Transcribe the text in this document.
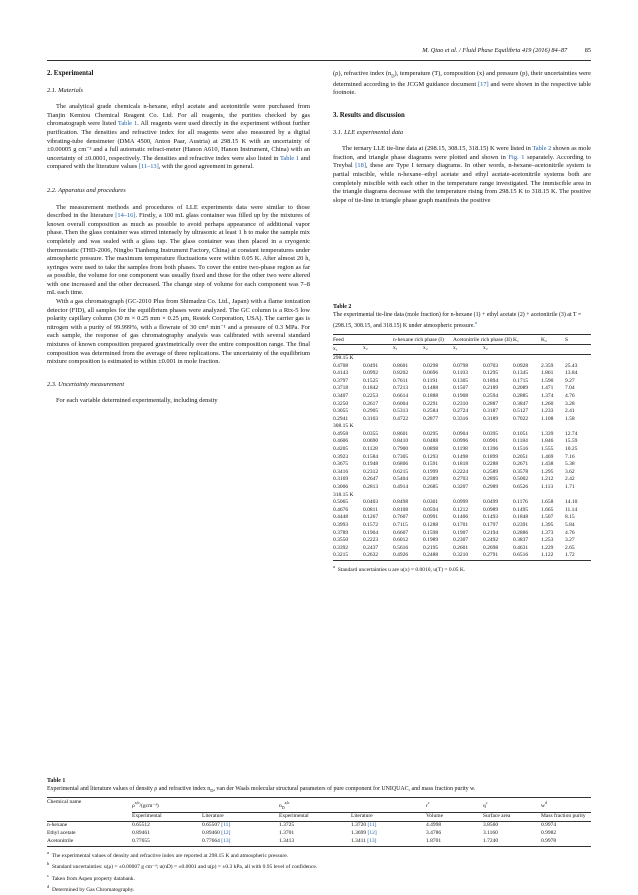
M. Qiao et al. / Fluid Phase Equilibria 419 (2016) 84–87	85
2. Experimental
2.1. Materials

The analytical grade chemicals n-hexane, ethyl acetate and acetonitrile were purchased from Tianjin Kemiou Chemical Reagent Co. Ltd. For all reagents, the purities checked by gas chromatograph were listed Table 1. All reagents were used directly in the experiment without further purification. The densities and refractive index for all reagents were also measured by a digital vibrating-tube densimeter (DMA 4500, Anton Paar, Austria) at 298.15 K with an uncertainty of ±0.00005 g cm⁻³ and a full automatic refract-meter (Hanon A610, Hanon Instrument, China) with an uncertainty of ±0.0001, respectively. The densities and refractive index were also listed in Table 1 and compared with the literature values [11–13], with the good agreement in general.

2.2. Apparatus and procedures

The measurement methods and procedures of LLE experiments data were similar to those described in the literature [14–16]. Firstly, a 100 mL glass container was filled up by the mixtures of known overall composition as much as possible to avoid perhaps appearance of additional vapor phase. Then the glass container was stirred intensely by ultrasonic at least 1 h to make the sample mix completely and was sealed with a glass tap. The glass container was then placed in a cryogenic thermostatic (THD-2006, Ningbo Tianheng Instrument Factory, China) at constant temperatures under atmospheric pressure. The maximum temperature fluctuations were within 0.05 K. After almost 20 h, syringes were used to take the samples from both phases. To cover the entire two-phase region as far as possible, the volume for one component was usually fixed and those for the other two were altered with one increased and the other decreased. The change step of volume for each component was 7–8 mL each time.

With a gas chromatograph (GC-2010 Plus from Shimadzu Co. Ltd., Japan) with a flame ionization detector (FID), all samples for the equilibrium phases were analyzed. The GC column is a Rtx-5 low polarity capillary column (30 m × 0.25 mm × 0.25 μm, Restek Corporation, USA). The carrier gas is nitrogen with a purity of 99.999%, with a flowrate of 30 cm³ min⁻¹ and a pressure of 0.3 MPa. For each sample, the response of gas chromatography analysis was calibrated with several standard mixtures of known composition prepared gravimetrically over the entire composition range. The final composition was determined from the average of three replications. The uncertainty of the equilibrium mixture composition is estimated to within ±0.001 in mole fraction.

2.3. Uncertainty measurement

For each variable determined experimentally, including density

(ρ), refractive index $(n_D)$, temperature (T), composition (x) and pressure (p), their uncertainties were determined according to the JCGM guidance document [17] and were shown in the respective table footnote.

3. Results and discussion
3.1. LLE experimental data

The ternary LLE tie-line data at (298.15, 308.15, 318.15) K were listed in Table 2 shown as mole fraction, and triangle phase diagrams were plotted and shown in Fig. 1 separately. According to Treybal [18], these are Type I ternary diagrams. In other words, n-hexane–acetonitrile system is partial miscible, while n-hexane–ethyl acetate and ethyl acetate-acetonitrile systems both are completely miscible with each other in the temperature range investigated. The immiscible area in the triangle diagrams decrease with the temperature rising from 298.15 K to 318.15 K. The positive slope of tie-line in triangle phase graph manifests the positive

Table 2
The experimental tie-line data (mole fraction) for n-hexane (1) + ethyl acetate (2) + acetonitrile (3) at T = (298.15, 308.15, and 318.15) K under atmospheric pressure.$^a$
Feed		n-hexane rich phase (I)		Acetonitrile rich phase (II)		K₁	K₂	S
x₁	x₂	x₁	x₂	x₁	x₂			
298.15 K								
0.4708	0.0491	0.8601	0.0298	0.0798	0.0703	0.0928	2.359	25.43
0.4143	0.0992	0.8202	0.0696	0.1103	0.1295	0.1345	1.861	13.84
0.3797	0.1525	0.7611	0.1191	0.1305	0.1894	0.1715	1.590	9.27
0.3718	0.1842	0.7213	0.1488	0.1507	0.2189	0.2089	1.471	7.04
0.3407	0.2253	0.6614	0.1888	0.1908	0.2594	0.2885	1.374	4.76
0.3250	0.2617	0.6004	0.2291	0.2310	0.2887	0.3847	1.260	3.28
0.3055	0.2905	0.5313	0.2584	0.2724	0.3187	0.5127	1.233	2.41
0.2941	0.3103	0.4722	0.2877	0.3316	0.3189	0.7022	1.108	1.58
308.15 K								
0.4958	0.0355	0.8601	0.0295	0.0904	0.0395	0.1051	1.339	12.74
0.4606	0.0690	0.8410	0.0488	0.0996	0.0901	0.1184	1.846	15.59
0.4205	0.1128	0.7900	0.0898	0.1198	0.1396	0.1516	1.555	10.25
0.3923	0.1584	0.7305	0.1293	0.1498	0.1899	0.2051	1.469	7.16
0.3675	0.1948	0.6806	0.1591	0.1818	0.2288	0.2671	1.438	5.38
0.3416	0.2312	0.6215	0.1999	0.2224	0.2589	0.3578	1.295	3.62
0.3169	0.2647	0.5404	0.2389	0.2703	0.2895	0.5002	1.212	2.42
0.3006	0.2813	0.4914	0.2685	0.3207	0.2989	0.6526	1.113	1.71
318.15 K								
0.5065	0.0403	0.8498	0.0301	0.0999	0.0499	0.1176	1.658	14.10
0.4676	0.0811	0.8108	0.0594	0.1212	0.0989	0.1495	1.665	11.14
0.4448	0.1267	0.7607	0.0991	0.1406	0.1493	0.1848	1.507	8.15
0.3993	0.1572	0.7115	0.1288	0.1701	0.1797	0.2391	1.395	5.84
0.3789	0.1904	0.6607	0.1598	0.1907	0.2194	0.2886	1.373	4.76
0.3550	0.2223	0.6012	0.1989	0.2307	0.2492	0.3837	1.253	3.27
0.3392	0.2437	0.5616	0.2195	0.2601	0.2698	0.4631	1.229	2.65
0.3215	0.2632	0.4926	0.2488	0.3210	0.2791	0.6516	1.122	1.72
$^a$  Standard uncertainties u are u(x) = 0.0010, u(T) = 0.05 K.
Table 1
Experimental and literature values of density ρ and refractive index $n_D$, van der Waals molecular structural parameters of pure component for UNIQUAC, and mass fraction purity w.
Chemical name	$\rho^{a,b}/(gcm^{-3})$		$n_D^{a,b}$		$r^c$	$q^c$	$w^d$
	Experimental	Literature	Experimental	Literature	Volume	Surface area	Mass fraction purity
n-hexane	0.65512	0.65507 [11]	1.3725	1.3720 [11]	4.4998	3.8560	0.9974
Ethyl acetate	0.89461	0.89460 [12]	1.3701	1.3699 [12]	3.4786	3.1160	0.9982
Acetonitrile	0.77655	0.77664 [13]	1.3413	1.3411 [13]	1.8701	1.7240	0.9978
$^a$  The experimental values of density and refractive index are reported at 298.15 K and atmospheric pressure.
$^b$  Standard uncertainties: u(ρ) = ±0.00007 g cm⁻³; u(nD) = ±0.0001 and u(p) = ±0.3 kPa, all with 0.95 level of confidence.
$^c$  Taken from Aspen property databank.
$^d$  Determined by Gas Chromatography.
